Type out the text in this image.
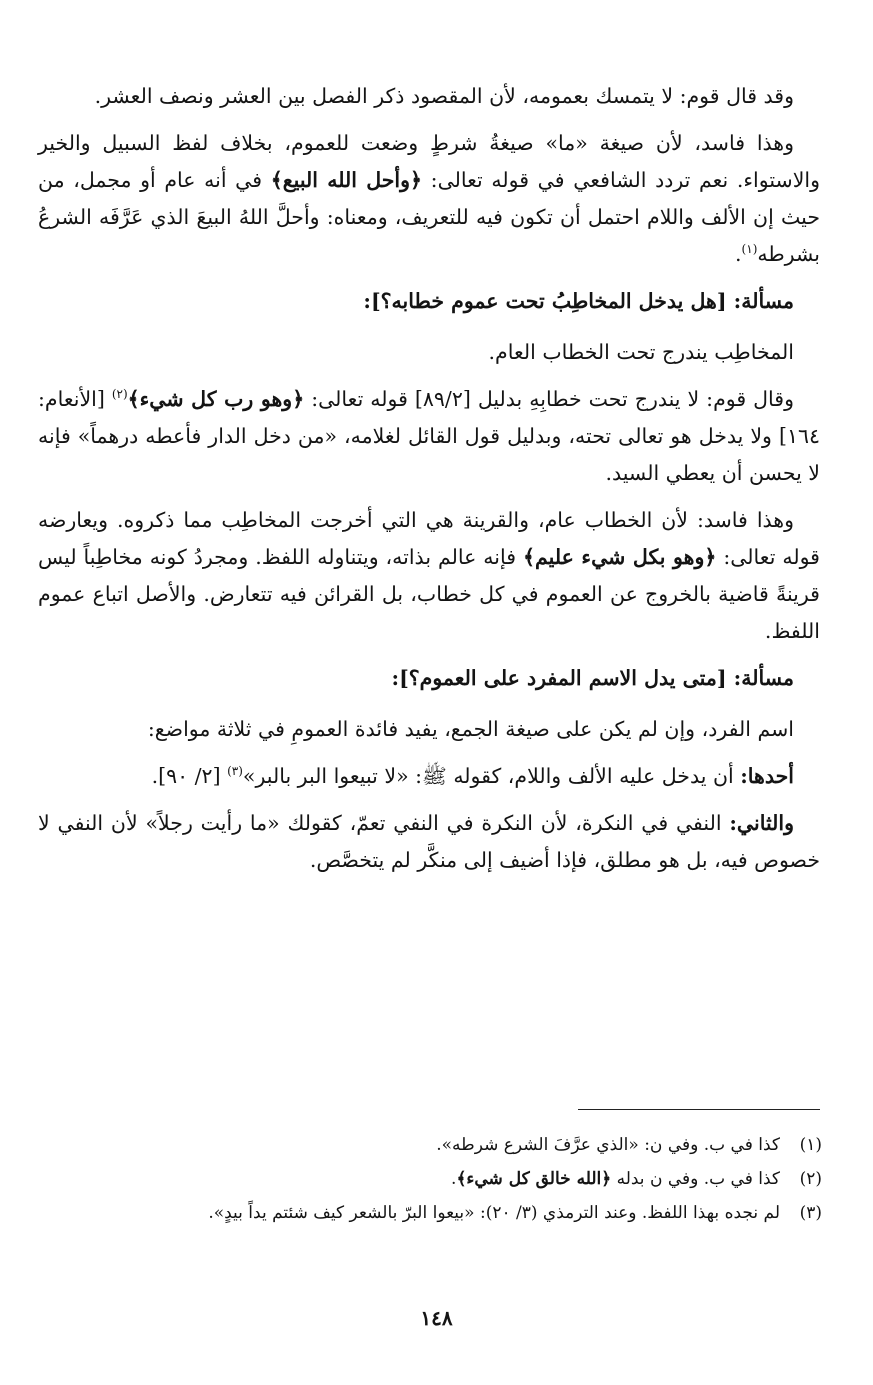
وقد قال قوم: لا يتمسك بعمومه، لأن المقصود ذكر الفصل بين العشر ونصف العشر.

وهذا فاسد، لأن صيغة «ما» صيغةُ شرطٍ وضعت للعموم، بخلاف لفظ السبيل والخير والاستواء. نعم تردد الشافعي في قوله تعالى: ﴿وأحل الله البيع﴾ في أنه عام أو مجمل، من حيث إن الألف واللام احتمل أن تكون فيه للتعريف، ومعناه: وأحلَّ اللهُ البيعَ الذي عَرَّفَه الشرعُ بشرطه$^{(١)}$.

مسألة: [هل يدخل المخاطِبُ تحت عموم خطابه؟]:

المخاطِب يندرج تحت الخطاب العام.

وقال قوم: لا يندرج تحت خطابِهِ بدليل [٨٩/٢] قوله تعالى: ﴿وهو رب كل شيء﴾$^{(٢)}$ [الأنعام: ١٦٤] ولا يدخل هو تعالى تحته، وبدليل قول القائل لغلامه، «من دخل الدار فأعطه درهماً» فإنه لا يحسن أن يعطي السيد.

وهذا فاسد: لأن الخطاب عام، والقرينة هي التي أخرجت المخاطِب مما ذكروه. ويعارضه قوله تعالى: ﴿وهو بكل شيء عليم﴾ فإنه عالم بذاته، ويتناوله اللفظ. ومجردُ كونه مخاطِباً ليس قرينةً قاضية بالخروج عن العموم في كل خطاب، بل القرائن فيه تتعارض. والأصل اتباع عموم اللفظ.

مسألة: [متى يدل الاسم المفرد على العموم؟]:

اسم الفرد، وإن لم يكن على صيغة الجمع، يفيد فائدة العمومِ في ثلاثة مواضع:

أحدها: أن يدخل عليه الألف واللام، كقوله ﷺ: «لا تبيعوا البر بالبر»$^{(٣)}$ [٢/ ٩٠].

والثاني: النفي في النكرة، لأن النكرة في النفي تعمّ، كقولك «ما رأيت رجلاً» لأن النفي لا خصوص فيه، بل هو مطلق، فإذا أضيف إلى منكَّر لم يتخصَّص.

(١)
كذا في ب. وفي ن: «الذي عرَّفَ الشرع شرطه».
(٢)
كذا في ب. وفي ن بدله ﴿الله خالق كل شيء﴾.
(٣)
لم نجده بهذا اللفظ. وعند الترمذي (٣/ ٢٠): «بيعوا البرّ بالشعر كيف شئتم يداً بيدٍ».
١٤٨
